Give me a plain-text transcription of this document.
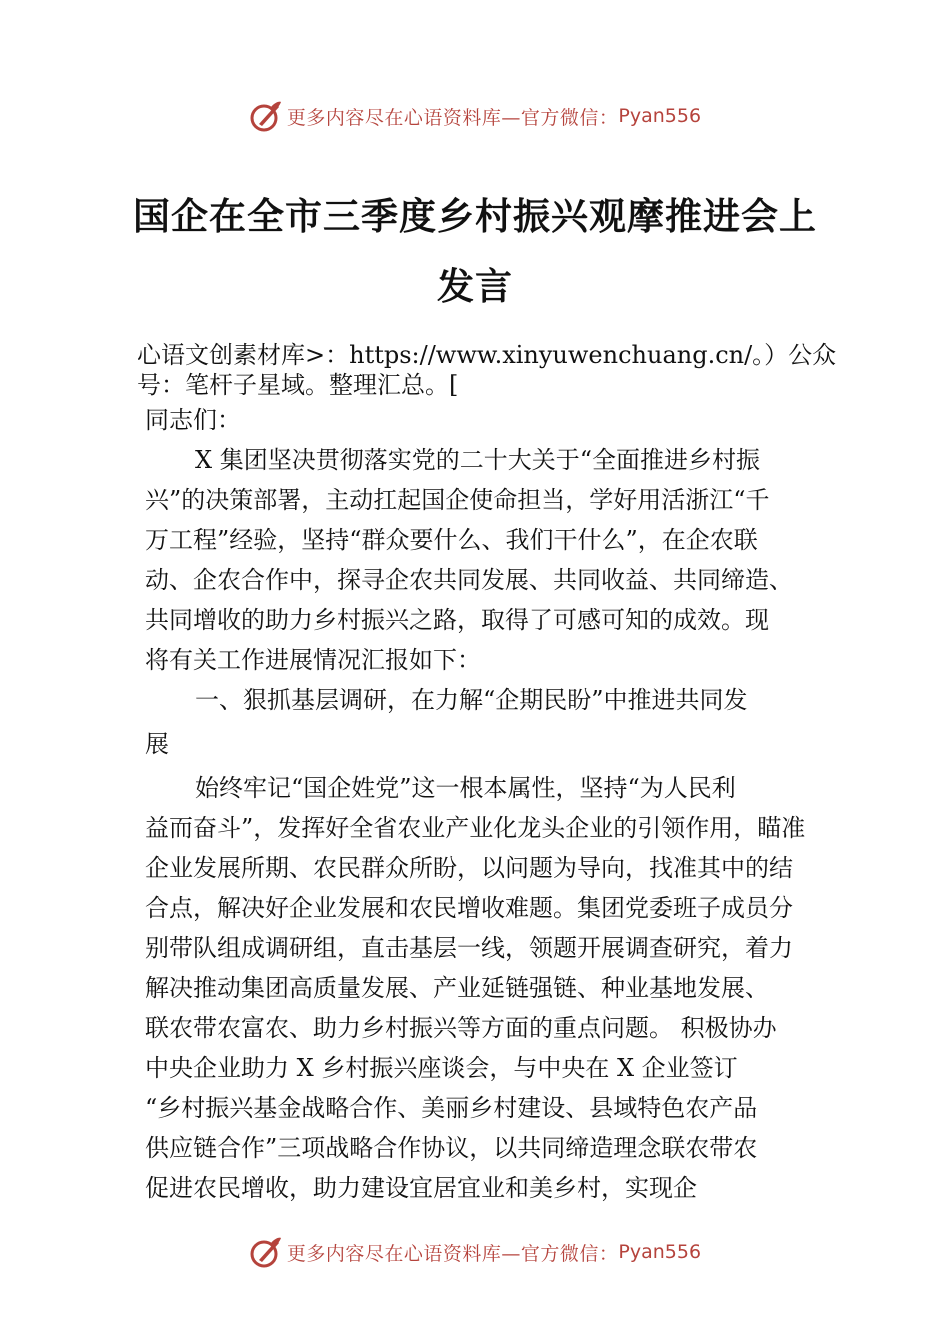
更多内容尽在心语资料库—官方微信： Pyan556
国企在全市三季度乡村振兴观摩推进会上
发言

心语文创素材库>：https://www.xinyuwenchuang.cn/。）公众
号：笔杆子星域。整理汇总。[

同志们：
X 集团坚决贯彻落实党的二十大关于“全面推进乡村振
兴”的决策部署，主动扛起国企使命担当，学好用活浙江“千
万工程”经验，坚持“群众要什么、我们干什么”，在企农联
动、企农合作中，探寻企农共同发展、共同收益、共同缔造、
共同增收的助力乡村振兴之路，取得了可感可知的成效。现
将有关工作进展情况汇报如下：
一、狠抓基层调研，在力解“企期民盼”中推进共同发
展
始终牢记“国企姓党”这一根本属性，坚持“为人民利
益而奋斗”，发挥好全省农业产业化龙头企业的引领作用，瞄准
企业发展所期、农民群众所盼，以问题为导向，找准其中的结
合点，解决好企业发展和农民增收难题。集团党委班子成员分
别带队组成调研组，直击基层一线，领题开展调查研究，着力
解决推动集团高质量发展、产业延链强链、种业基地发展、
联农带农富农、助力乡村振兴等方面的重点问题。 积极协办
中央企业助力 X 乡村振兴座谈会，与中央在 X 企业签订
“乡村振兴基金战略合作、美丽乡村建设、县域特色农产品
供应链合作”三项战略合作协议，以共同缔造理念联农带农
促进农民增收，助力建设宜居宜业和美乡村，实现企
更多内容尽在心语资料库—官方微信： Pyan556
